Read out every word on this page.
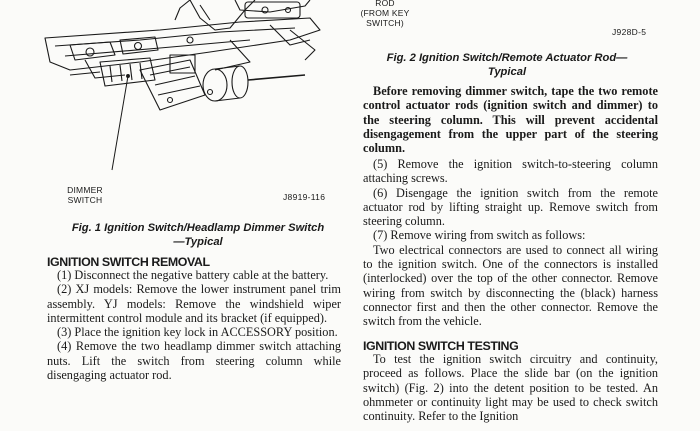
DIMMER
SWITCH	J8919-116
Fig. 1 Ignition Switch/Headlamp Dimmer Switch—Typical
IGNITION SWITCH REMOVAL

(1) Disconnect the negative battery cable at the battery.

(2) XJ models: Remove the lower instrument panel trim assembly. YJ models: Remove the windshield wiper intermittent control module and its bracket (if equipped).

(3) Place the ignition key lock in ACCESSORY position.

(4) Remove the two headlamp dimmer switch attaching nuts. Lift the switch from steering column while disengaging actuator rod.

ROD
(FROM KEY
SWITCH)
J928D-5
Fig. 2 Ignition Switch/Remote Actuator Rod—Typical

Before removing dimmer switch, tape the two remote control actuator rods (ignition switch and dimmer) to the steering column. This will prevent accidental disengagement from the upper part of the steering column.

(5) Remove the ignition switch-to-steering column attaching screws.

(6) Disengage the ignition switch from the remote actuator rod by lifting straight up. Remove switch from steering column.

(7) Remove wiring from switch as follows:

Two electrical connectors are used to connect all wiring to the ignition switch. One of the connectors is installed (interlocked) over the top of the other connector. Remove wiring from switch by disconnecting the (black) harness connector first and then the other connector. Remove the switch from the vehicle.

IGNITION SWITCH TESTING

To test the ignition switch circuitry and continuity, proceed as follows. Place the slide bar (on the ignition switch) (Fig. 2) into the detent position to be tested. An ohmmeter or continuity light may be used to check switch continuity. Refer to the Ignition
